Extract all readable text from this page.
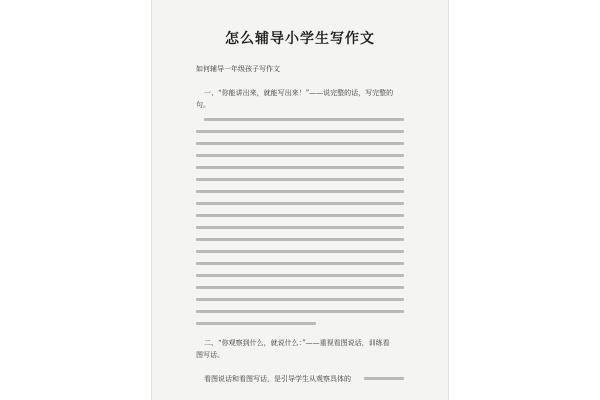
怎么辅导小学生写作文
如何辅导一年级孩子写作文
一、“你能讲出来，就能写出来！”——说完整的话，写完整的
句。
二、“你观察到什么，就说什么：”——重视看图说话，训练看
图写话。
看图说话和看图写话，是引导学生从观察具体的
